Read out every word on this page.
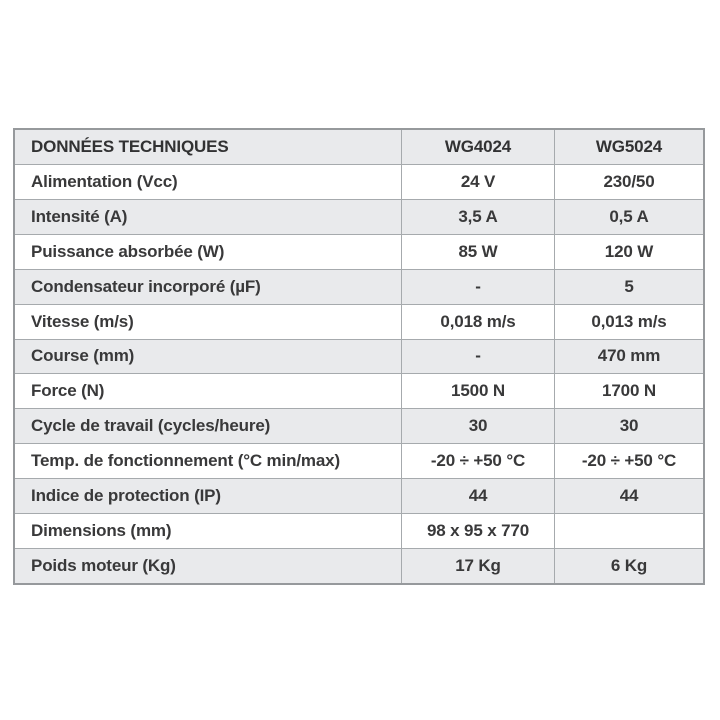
DONNÉES TECHNIQUES	WG4024	WG5024
Alimentation (Vcc)	24 V	230/50
Intensité (A)	3,5 A	0,5 A
Puissance absorbée (W)	85 W	120 W
Condensateur incorporé (µF)	-	5
Vitesse (m/s)	0,018 m/s	0,013 m/s
Course (mm)	-	470 mm
Force (N)	1500 N	1700 N
Cycle de travail (cycles/heure)	30	30
Temp. de fonctionnement (°C min/max)	-20 ÷ +50 °C	-20 ÷ +50 °C
Indice de protection (IP)	44	44
Dimensions (mm)	98 x 95 x 770
Poids moteur (Kg)	17 Kg	6 Kg
